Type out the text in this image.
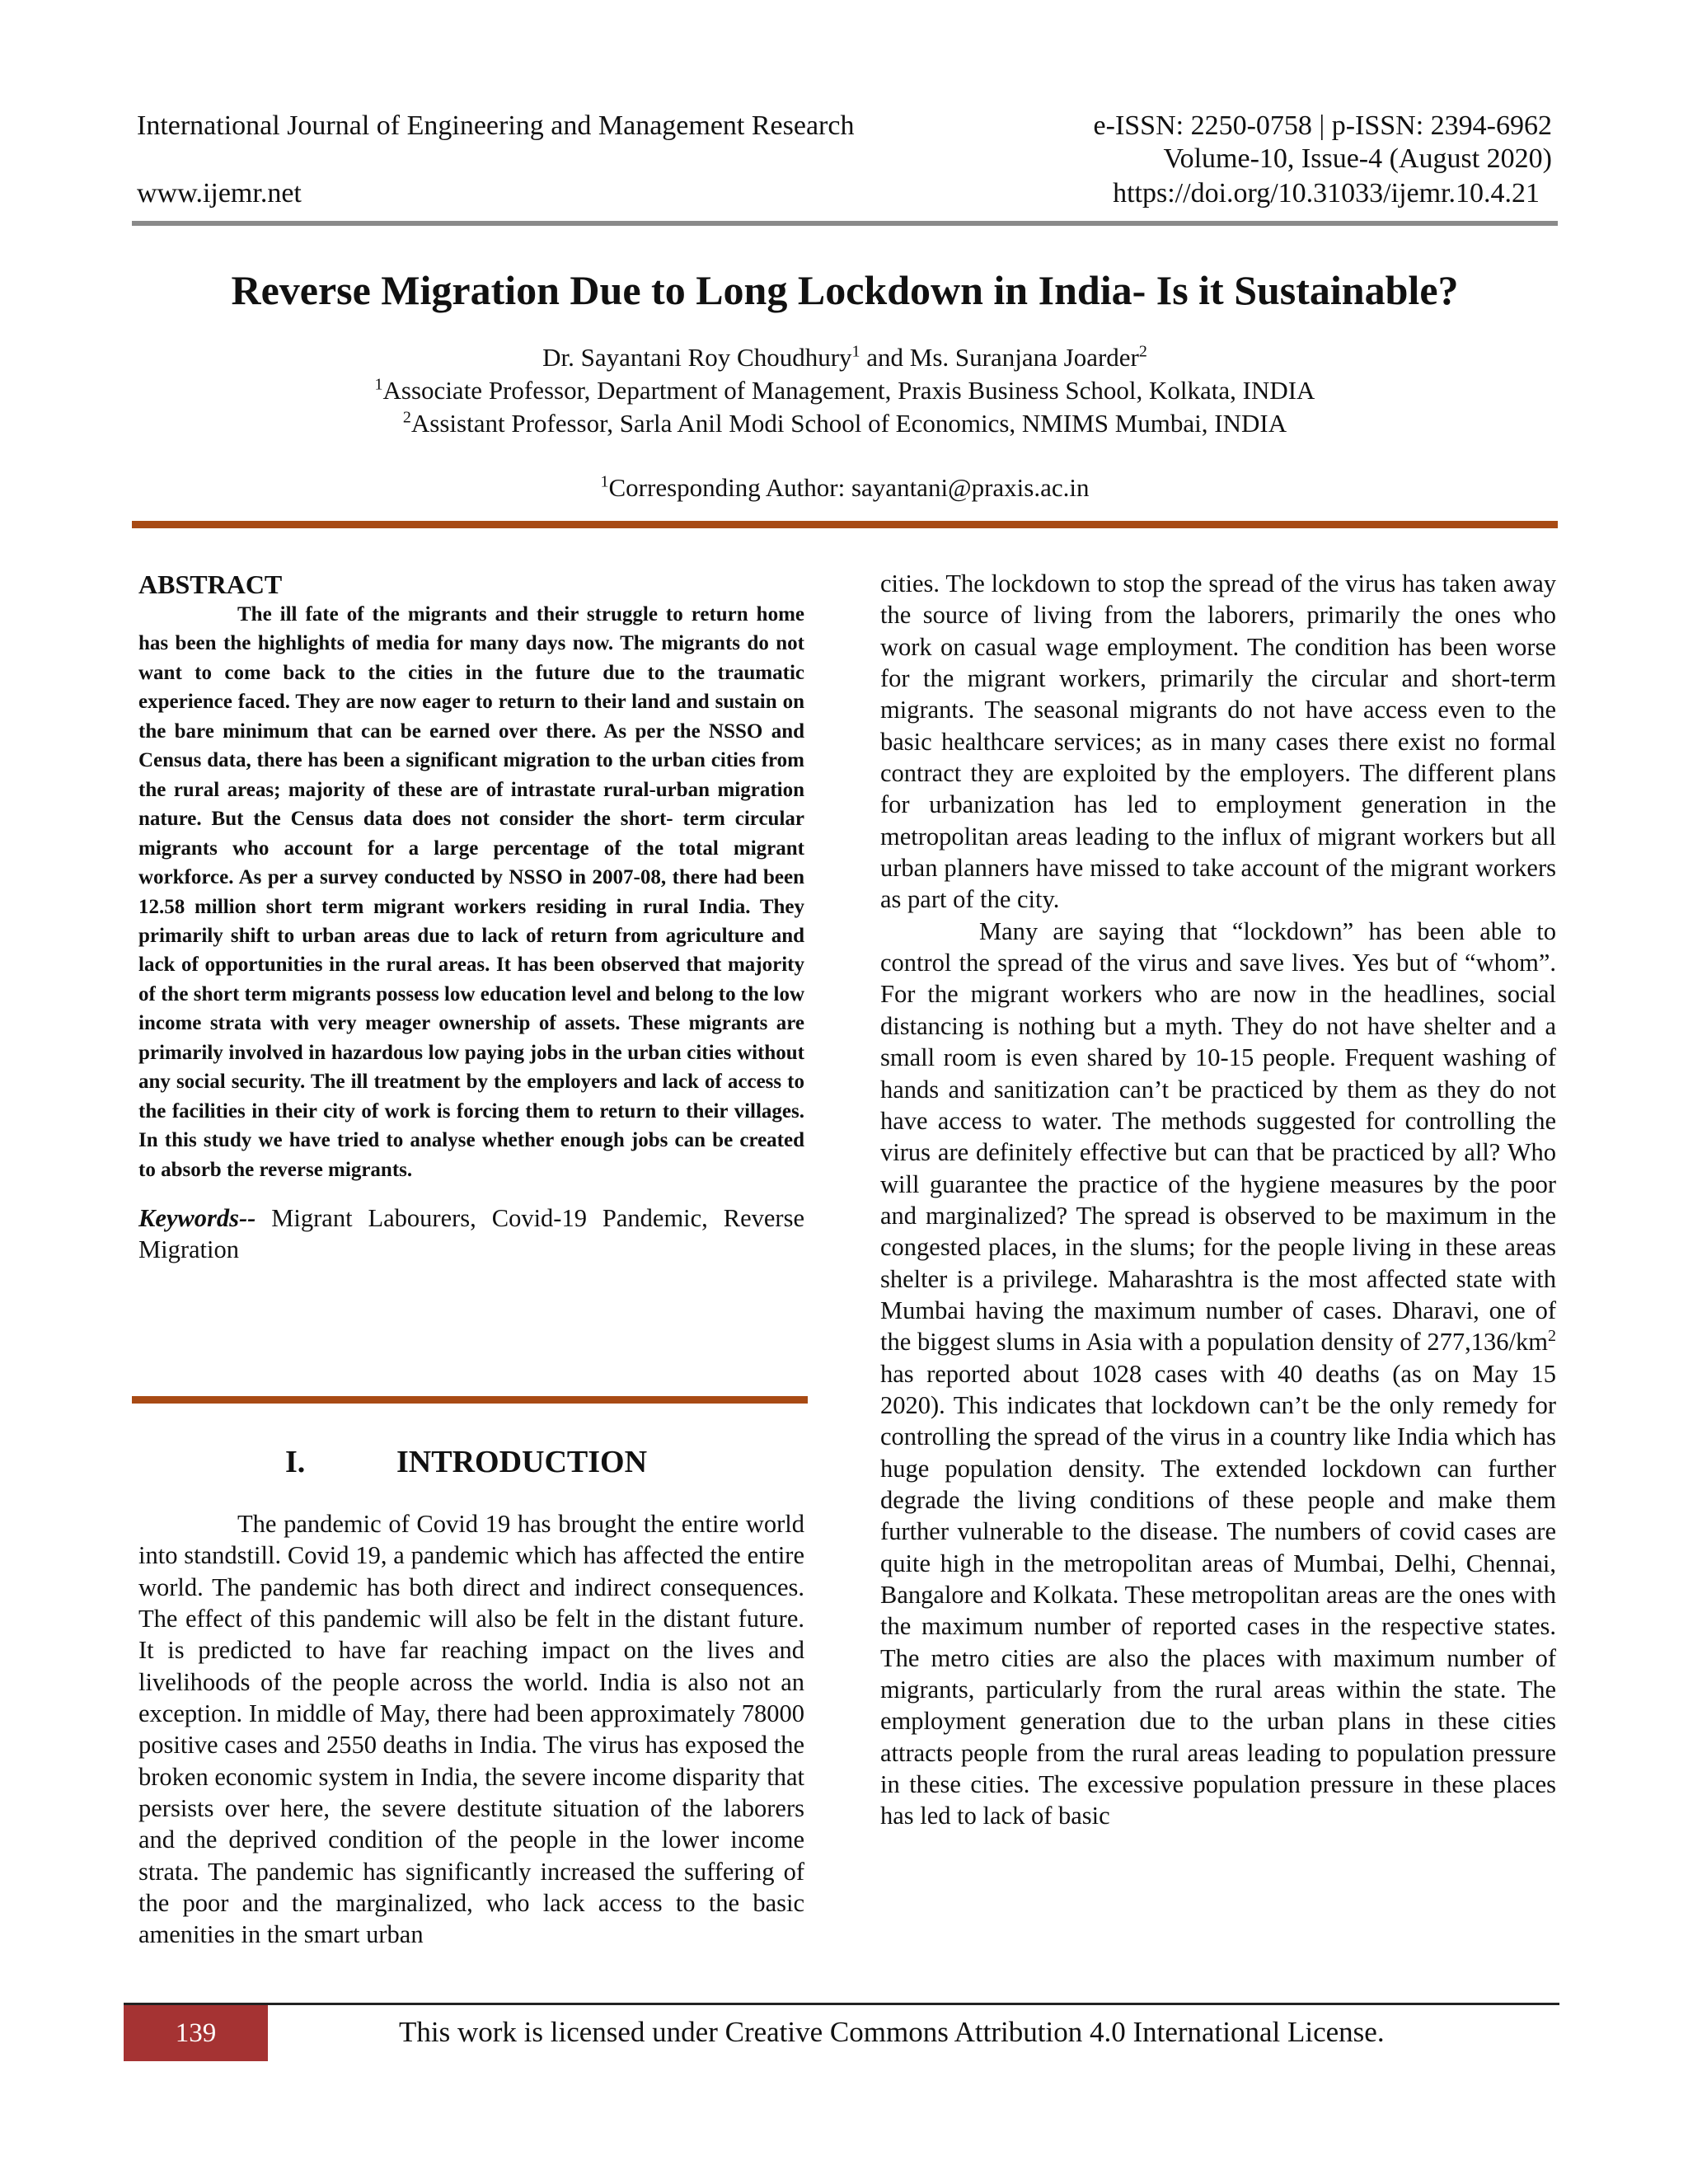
International Journal of Engineering and Management Research	e-ISSN: 2250-0758 | p-ISSN: 2394-6962
Volume-10, Issue-4 (August 2020)
www.ijemr.net	https://doi.org/10.31033/ijemr.10.4.21
Reverse Migration Due to Long Lockdown in India- Is it Sustainable?
Dr. Sayantani Roy Choudhury$^1$ and Ms. Suranjana Joarder$^2$
$^1$Associate Professor, Department of Management, Praxis Business School, Kolkata, INDIA
$^2$Assistant Professor, Sarla Anil Modi School of Economics, NMIMS Mumbai, INDIA
$^1$Corresponding Author: sayantani@praxis.ac.in
ABSTRACT

The ill fate of the migrants and their struggle to return home has been the highlights of media for many days now. The migrants do not want to come back to the cities in the future due to the traumatic experience faced. They are now eager to return to their land and sustain on the bare minimum that can be earned over there. As per the NSSO and Census data, there has been a significant migration to the urban cities from the rural areas; majority of these are of intrastate rural-urban migration nature. But the Census data does not consider the short- term circular migrants who account for a large percentage of the total migrant workforce. As per a survey conducted by NSSO in 2007-08, there had been 12.58 million short term migrant workers residing in rural India. They primarily shift to urban areas due to lack of return from agriculture and lack of opportunities in the rural areas. It has been observed that majority of the short term migrants possess low education level and belong to the low income strata with very meager ownership of assets. These migrants are primarily involved in hazardous low paying jobs in the urban cities without any social security. The ill treatment by the employers and lack of access to the facilities in their city of work is forcing them to return to their villages. In this study we have tried to analyse whether enough jobs can be created to absorb the reverse migrants.

Keywords-- Migrant Labourers, Covid-19 Pandemic, Reverse Migration
I.	INTRODUCTION

The pandemic of Covid 19 has brought the entire world into standstill. Covid 19, a pandemic which has affected the entire world. The pandemic has both direct and indirect consequences. The effect of this pandemic will also be felt in the distant future. It is predicted to have far reaching impact on the lives and livelihoods of the people across the world. India is also not an exception. In middle of May, there had been approximately 78000 positive cases and 2550 deaths in India. The virus has exposed the broken economic system in India, the severe income disparity that persists over here, the severe destitute situation of the laborers and the deprived condition of the people in the lower income strata. The pandemic has significantly increased the suffering of the poor and the marginalized, who lack access to the basic amenities in the smart urban

cities. The lockdown to stop the spread of the virus has taken away the source of living from the laborers, primarily the ones who work on casual wage employment. The condition has been worse for the migrant workers, primarily the circular and short-term migrants. The seasonal migrants do not have access even to the basic healthcare services; as in many cases there exist no formal contract they are exploited by the employers. The different plans for urbanization has led to employment generation in the metropolitan areas leading to the influx of migrant workers but all urban planners have missed to take account of the migrant workers as part of the city.

Many are saying that “lockdown” has been able to control the spread of the virus and save lives. Yes but of “whom”. For the migrant workers who are now in the headlines, social distancing is nothing but a myth. They do not have shelter and a small room is even shared by 10-15 people. Frequent washing of hands and sanitization can’t be practiced by them as they do not have access to water. The methods suggested for controlling the virus are definitely effective but can that be practiced by all? Who will guarantee the practice of the hygiene measures by the poor and marginalized? The spread is observed to be maximum in the congested places, in the slums; for the people living in these areas shelter is a privilege. Maharashtra is the most affected state with Mumbai having the maximum number of cases. Dharavi, one of the biggest slums in Asia with a population density of $277,136/km^2$ has reported about 1028 cases with 40 deaths (as on May 15 2020). This indicates that lockdown can’t be the only remedy for controlling the spread of the virus in a country like India which has huge population density. The extended lockdown can further degrade the living conditions of these people and make them further vulnerable to the disease. The numbers of covid cases are quite high in the metropolitan areas of Mumbai, Delhi, Chennai, Bangalore and Kolkata. These metropolitan areas are the ones with the maximum number of reported cases in the respective states. The metro cities are also the places with maximum number of migrants, particularly from the rural areas within the state. The employment generation due to the urban plans in these cities attracts people from the rural areas leading to population pressure in these cities. The excessive population pressure in these places has led to lack of basic

139	This work is licensed under Creative Commons Attribution 4.0 International License.
